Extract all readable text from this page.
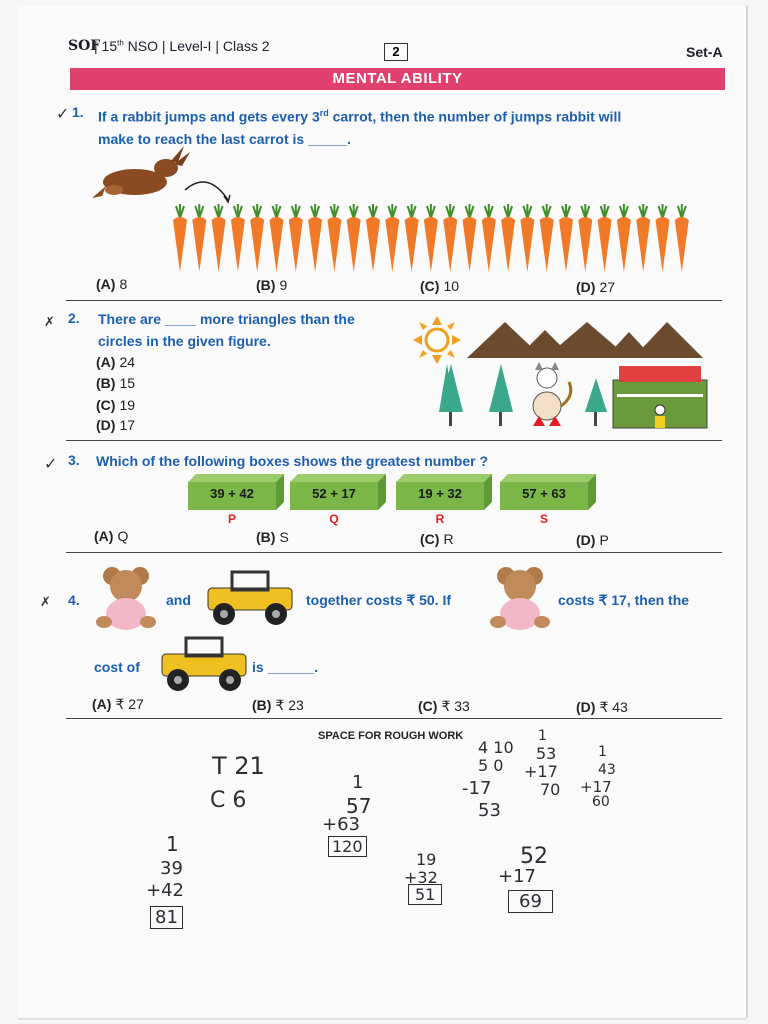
SOF
| 15th NSO | Level-I | Class 2	2	Set-A
MENTAL ABILITY
✓ 1. If a rabbit jumps and gets every 3rd carrot, then the number of jumps rabbit will
make to reach the last carrot is _____.
(A) 8	(B) 9	(C) 10	(D) 27
✗ 2. There are ____ more triangles than the
circles in the given figure.
(A) 24
(B) 15
(C) 19
(D) 17
✓ 3. Which of the following boxes shows the greatest number ?
39 + 42
P
52 + 17
Q
19 + 32
R
57 + 63
S
(A) Q	(B) S	(C) R	(D) P
✗ 4.	and	together costs ₹ 50. If	costs ₹ 17, then the
cost of	is ______.
(A) ₹ 27	(B) ₹ 23	(C) ₹ 33	(D) ₹ 43
SPACE FOR ROUGH WORK
T 21
C 6
1
39
+42
81
1
57
+63
120
19
+32
51
52
+17
69
4 10
5 0
-17
53
1
53
+17
70
1
43
+17
60
